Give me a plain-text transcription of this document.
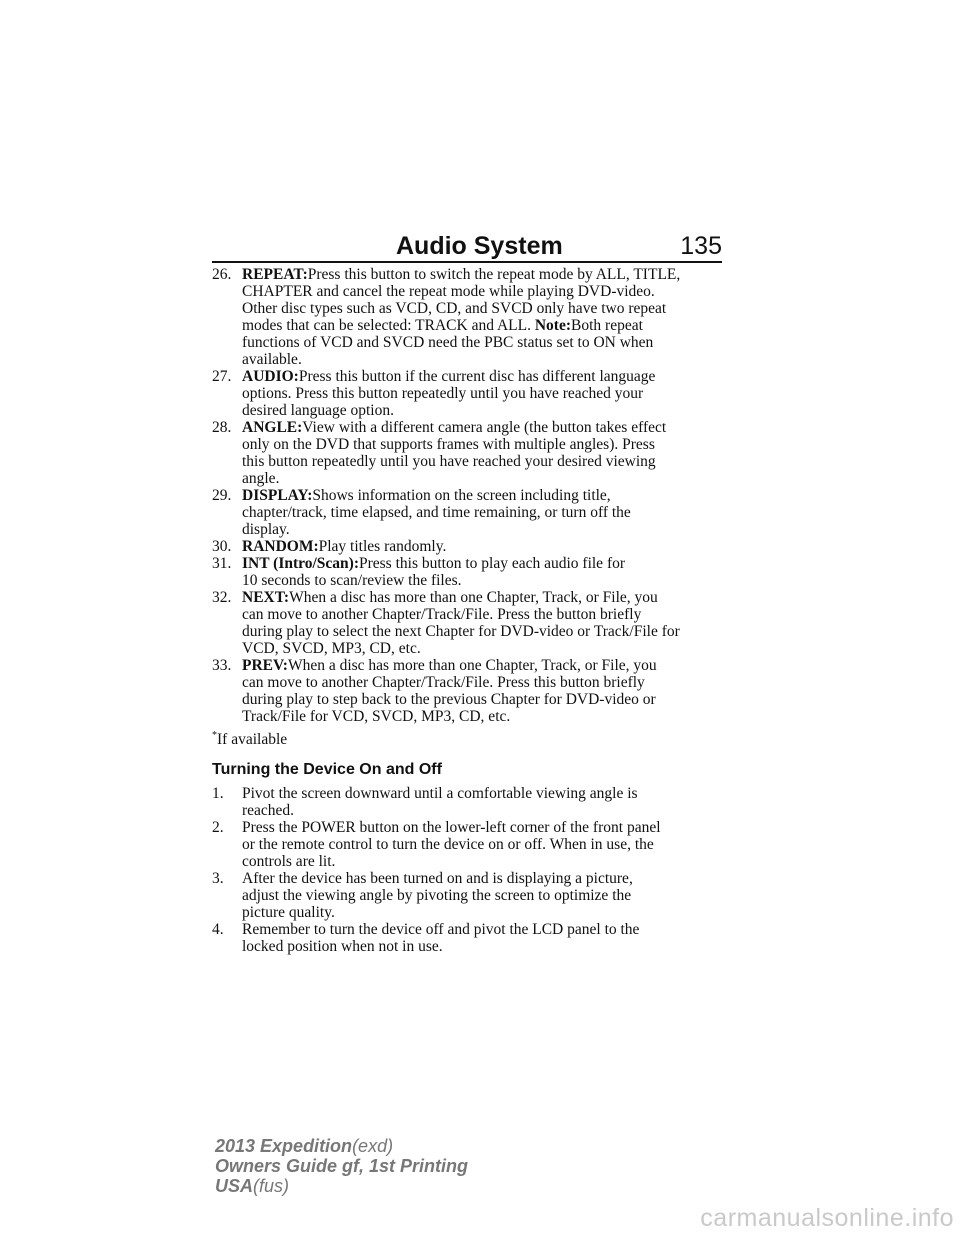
Audio System	135
26. REPEAT:Press this button to switch the repeat mode by ALL, TITLE,
CHAPTER and cancel the repeat mode while playing DVD-video.
Other disc types such as VCD, CD, and SVCD only have two repeat
modes that can be selected: TRACK and ALL. Note:Both repeat
functions of VCD and SVCD need the PBC status set to ON when
available.
27. AUDIO:Press this button if the current disc has different language
options. Press this button repeatedly until you have reached your
desired language option.
28. ANGLE:View with a different camera angle (the button takes effect
only on the DVD that supports frames with multiple angles). Press
this button repeatedly until you have reached your desired viewing
angle.
29. DISPLAY:Shows information on the screen including title,
chapter/track, time elapsed, and time remaining, or turn off the
display.
30. RANDOM:Play titles randomly.
31. INT (Intro/Scan):Press this button to play each audio file for
10 seconds to scan/review the files.
32. NEXT:When a disc has more than one Chapter, Track, or File, you
can move to another Chapter/Track/File. Press the button briefly
during play to select the next Chapter for DVD-video or Track/File for
VCD, SVCD, MP3, CD, etc.
33. PREV:When a disc has more than one Chapter, Track, or File, you
can move to another Chapter/Track/File. Press this button briefly
during play to step back to the previous Chapter for DVD-video or
Track/File for VCD, SVCD, MP3, CD, etc.
*If available
Turning the Device On and Off
1. Pivot the screen downward until a comfortable viewing angle is
reached.
2. Press the POWER button on the lower-left corner of the front panel
or the remote control to turn the device on or off. When in use, the
controls are lit.
3. After the device has been turned on and is displaying a picture,
adjust the viewing angle by pivoting the screen to optimize the
picture quality.
4. Remember to turn the device off and pivot the LCD panel to the
locked position when not in use.
2013 Expedition(exd)
Owners Guide gf, 1st Printing
USA(fus)
carmanualsonline.info
